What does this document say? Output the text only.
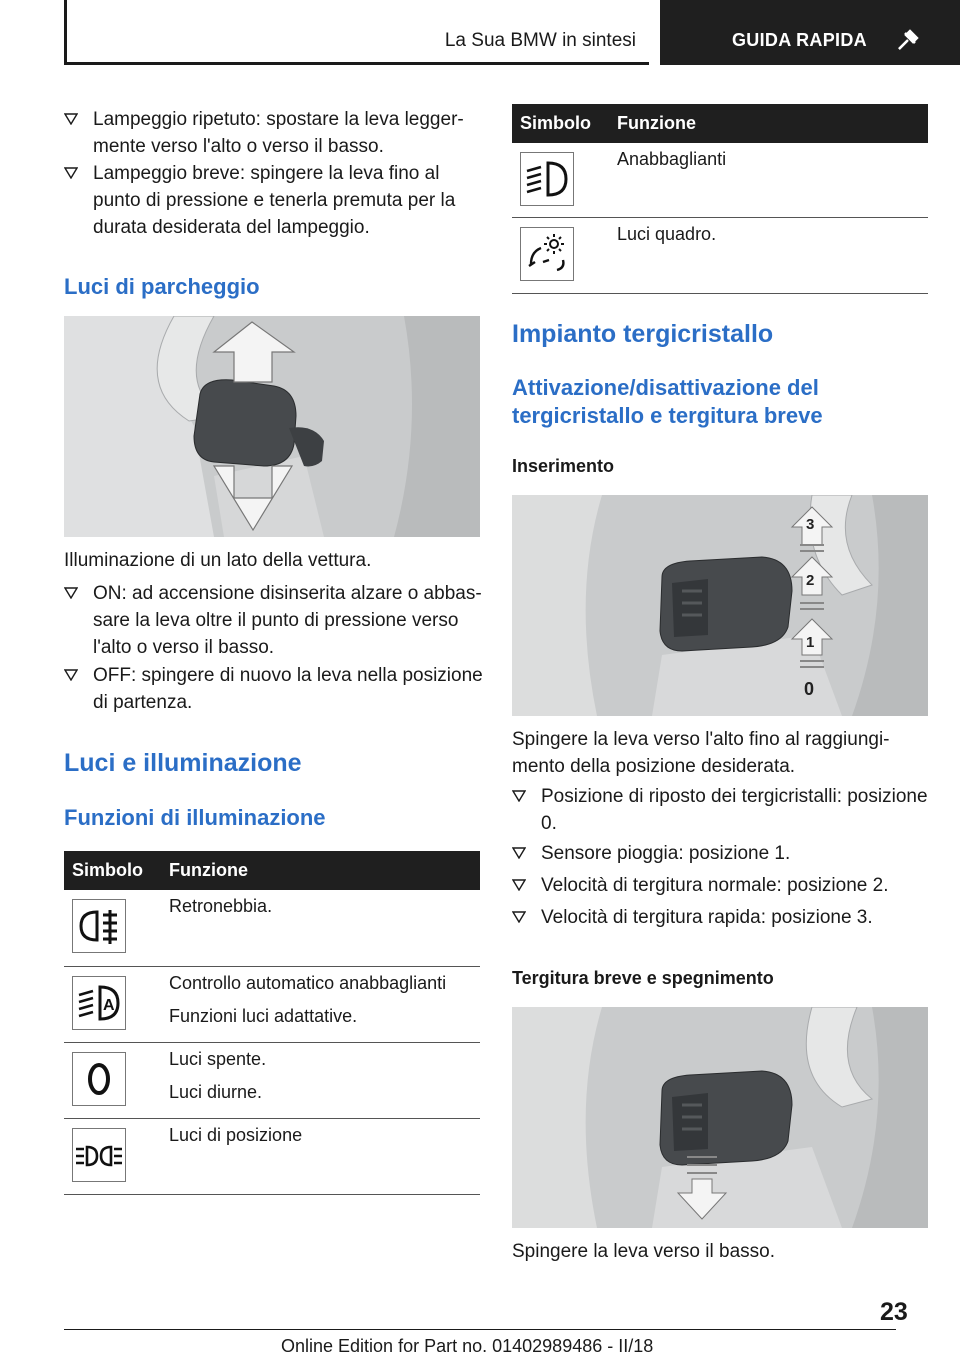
La Sua BMW in sintesi	GUIDA RAPIDA
Lampeggio ripetuto: spostare la leva legger-
mente verso l'alto o verso il basso.
Lampeggio breve: spingere la leva fino al
punto di pressione e tenerla premuta per la
durata desiderata del lampeggio.
Luci di parcheggio
Illuminazione di un lato della vettura.
ON: ad accensione disinserita alzare o abbas-
sare la leva oltre il punto di pressione verso
l'alto o verso il basso.
OFF: spingere di nuovo la leva nella posizione
di partenza.
Luci e illuminazione
Funzioni di illuminazione
Simbolo	Funzione

Retronebbia.

A	Controllo automatico anabbaglianti
Funzioni luci adattative.

Luci spente.
Luci diurne.

Luci di posizione
Simbolo	Funzione

Anabbaglianti

Luci quadro.
Impianto tergicristallo
Attivazione/disattivazione del
tergicristallo e tergitura breve
Inserimento
3
2
1
0
Spingere la leva verso l'alto fino al raggiungi-
mento della posizione desiderata.
Posizione di riposto dei tergicristalli: posizione
0.
Sensore pioggia: posizione 1.
Velocità di tergitura normale: posizione 2.
Velocità di tergitura rapida: posizione 3.
Tergitura breve e spegnimento
Spingere la leva verso il basso.
23
Online Edition for Part no. 01402989486 - II/18
